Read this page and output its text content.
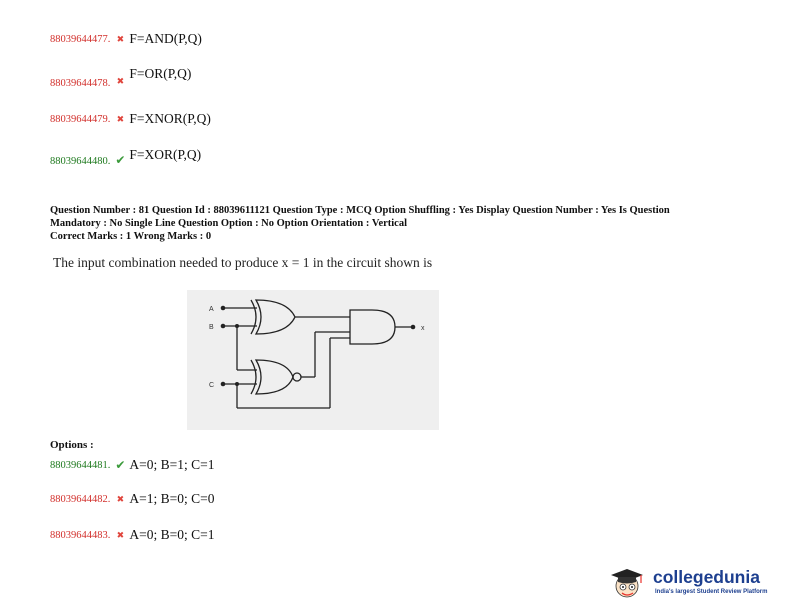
88039644477. ✖ F=AND(P,Q)
88039644478. ✖ F=OR(P,Q)
88039644479. ✖ F=XNOR(P,Q)
88039644480. ✔ F=XOR(P,Q)
Question Number : 81 Question Id : 88039611121 Question Type : MCQ Option Shuffling : Yes Display Question Number : Yes Is Question
Mandatory : No Single Line Question Option : No Option Orientation : Vertical
Correct Marks : 1 Wrong Marks : 0
The input combination needed to produce x = 1 in the circuit shown is
A
B
C
x
Options :
88039644481. ✔ A=0; B=1; C=1
88039644482. ✖ A=1; B=0; C=0
88039644483. ✖ A=0; B=0; C=1
collegedunia
India's largest Student Review Platform
